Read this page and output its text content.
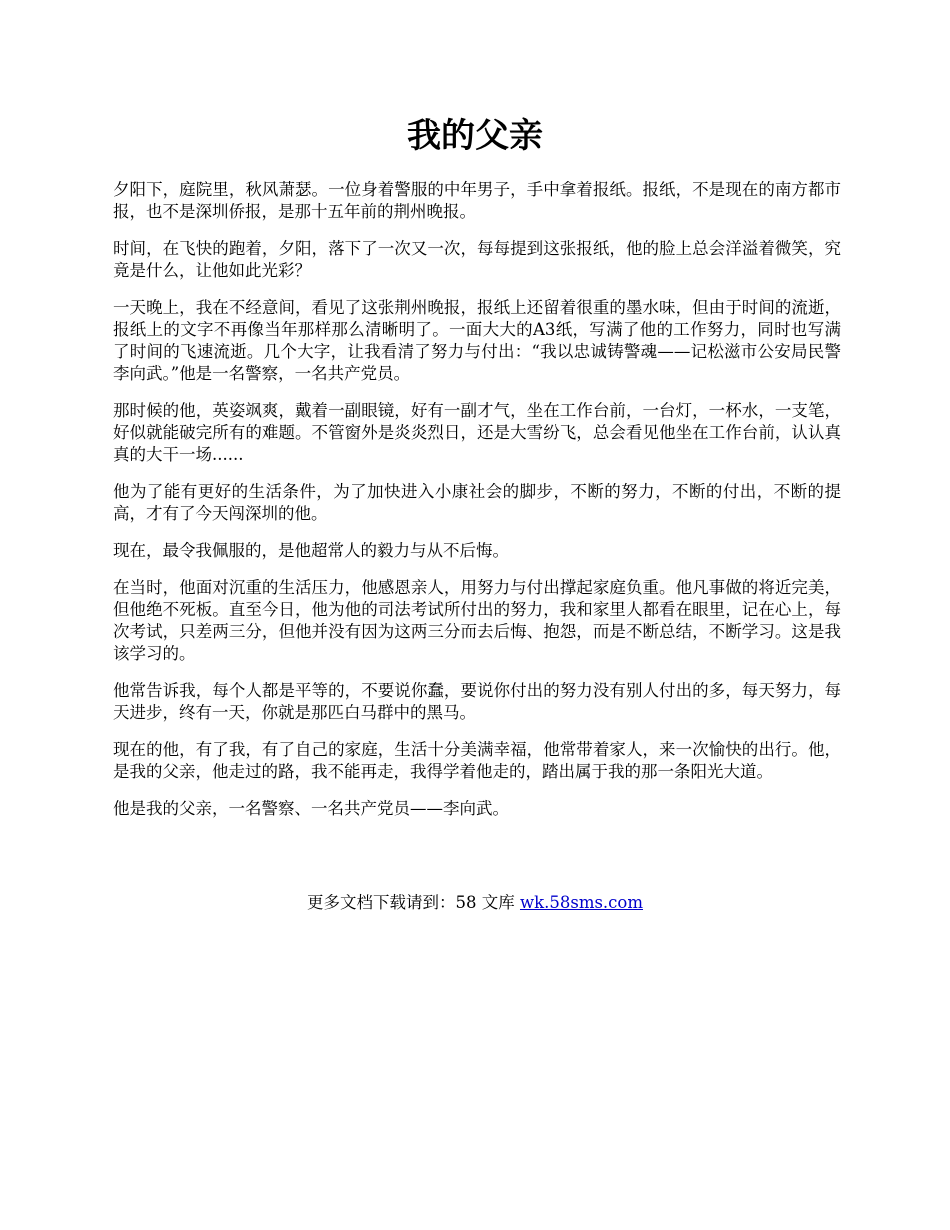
我的父亲

夕阳下，庭院里，秋风萧瑟。一位身着警服的中年男子，手中拿着报纸。报纸，不是现在的南方都市报，也不是深圳侨报，是那十五年前的荆州晚报。

时间，在飞快的跑着，夕阳，落下了一次又一次，每每提到这张报纸，他的脸上总会洋溢着微笑，究竟是什么，让他如此光彩？

一天晚上，我在不经意间，看见了这张荆州晚报，报纸上还留着很重的墨水味，但由于时间的流逝，报纸上的文字不再像当年那样那么清晰明了。一面大大的A3纸，写满了他的工作努力，同时也写满了时间的飞速流逝。几个大字，让我看清了努力与付出：“我以忠诚铸警魂——记松滋市公安局民警李向武。”他是一名警察，一名共产党员。

那时候的他，英姿飒爽，戴着一副眼镜，好有一副才气，坐在工作台前，一台灯，一杯水，一支笔，好似就能破完所有的难题。不管窗外是炎炎烈日，还是大雪纷飞，总会看见他坐在工作台前，认认真真的大干一场......

他为了能有更好的生活条件，为了加快进入小康社会的脚步，不断的努力，不断的付出，不断的提高，才有了今天闯深圳的他。

现在，最令我佩服的，是他超常人的毅力与从不后悔。

在当时，他面对沉重的生活压力，他感恩亲人，用努力与付出撑起家庭负重。他凡事做的将近完美，但他绝不死板。直至今日，他为他的司法考试所付出的努力，我和家里人都看在眼里，记在心上，每次考试，只差两三分，但他并没有因为这两三分而去后悔、抱怨，而是不断总结，不断学习。这是我该学习的。

他常告诉我，每个人都是平等的，不要说你蠢，要说你付出的努力没有别人付出的多，每天努力，每天进步，终有一天，你就是那匹白马群中的黑马。

现在的他，有了我，有了自己的家庭，生活十分美满幸福，他常带着家人，来一次愉快的出行。他，是我的父亲，他走过的路，我不能再走，我得学着他走的，踏出属于我的那一条阳光大道。

他是我的父亲，一名警察、一名共产党员——李向武。

更多文档下载请到：58 文库 wk.58sms.com
